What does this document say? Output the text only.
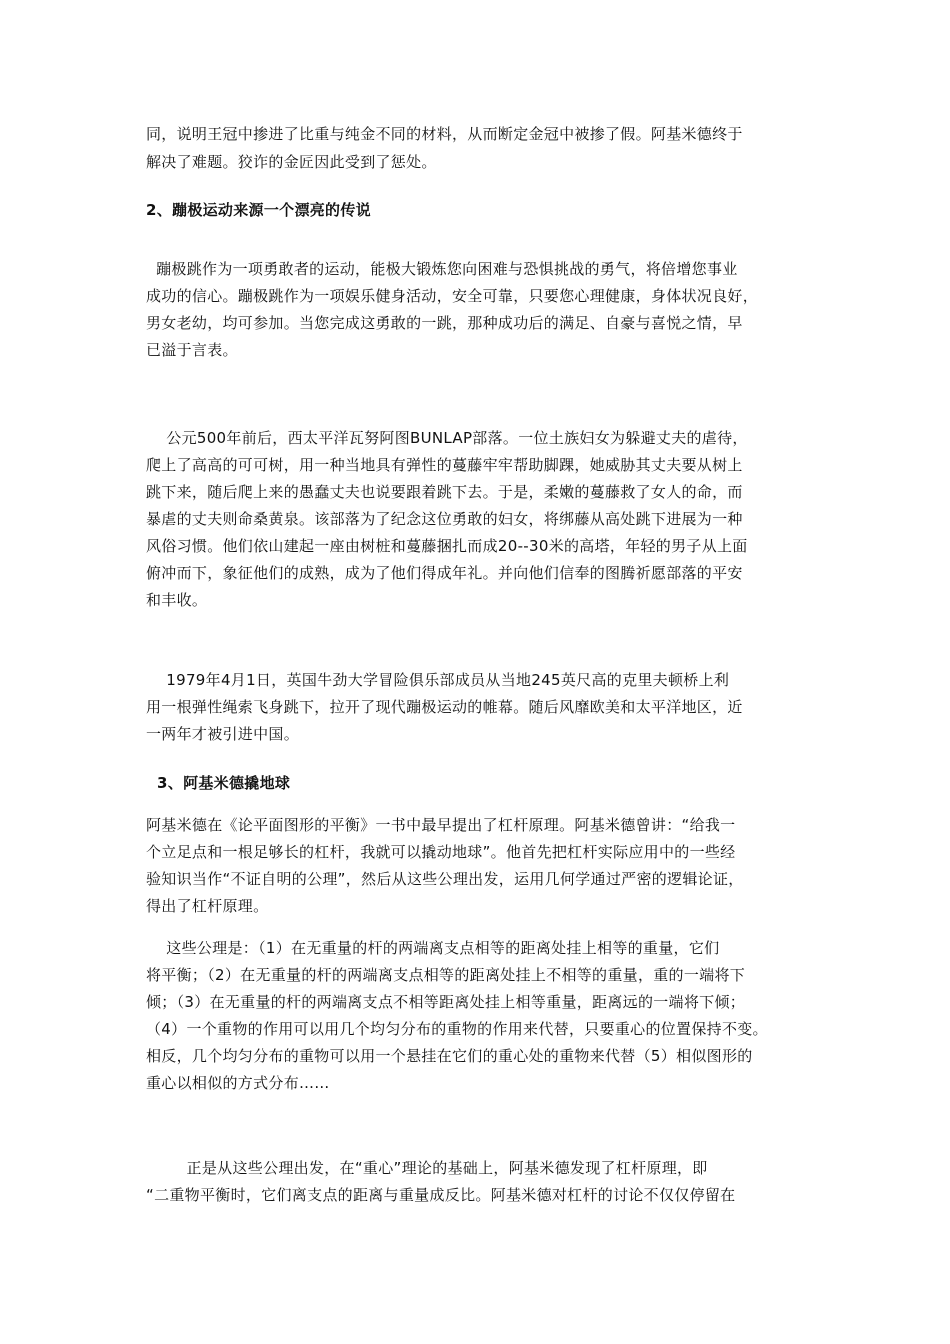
同，说明王冠中掺进了比重与纯金不同的材料，从而断定金冠中被掺了假。阿基米德终于
解决了难题。狡诈的金匠因此受到了惩处。
2、蹦极运动来源一个漂亮的传说
蹦极跳作为一项勇敢者的运动，能极大锻炼您向困难与恐惧挑战的勇气，将倍增您事业
成功的信心。蹦极跳作为一项娱乐健身活动，安全可靠，只要您心理健康，身体状况良好，
男女老幼，均可参加。当您完成这勇敢的一跳，那种成功后的满足、自豪与喜悦之情，早
已溢于言表。
公元500年前后，西太平洋瓦努阿图BUNLAP部落。一位土族妇女为躲避丈夫的虐待，
爬上了高高的可可树，用一种当地具有弹性的蔓藤牢牢帮助脚踝，她威胁其丈夫要从树上
跳下来，随后爬上来的愚蠢丈夫也说要跟着跳下去。于是，柔嫩的蔓藤救了女人的命，而
暴虐的丈夫则命桑黄泉。该部落为了纪念这位勇敢的妇女，将绑藤从高处跳下进展为一种
风俗习惯。他们依山建起一座由树桩和蔓藤捆扎而成20--30米的高塔，年轻的男子从上面
俯冲而下，象征他们的成熟，成为了他们得成年礼。并向他们信奉的图腾祈愿部落的平安
和丰收。
1979年4月1日，英国牛劲大学冒险俱乐部成员从当地245英尺高的克里夫顿桥上利
用一根弹性绳索飞身跳下，拉开了现代蹦极运动的帷幕。随后风靡欧美和太平洋地区，近
一两年才被引进中国。
3、阿基米德撬地球
阿基米德在《论平面图形的平衡》一书中最早提出了杠杆原理。阿基米德曾讲：“给我一
个立足点和一根足够长的杠杆，我就可以撬动地球”。他首先把杠杆实际应用中的一些经
验知识当作“不证自明的公理”，然后从这些公理出发，运用几何学通过严密的逻辑论证，
得出了杠杆原理。
这些公理是：（1）在无重量的杆的两端离支点相等的距离处挂上相等的重量，它们
将平衡；（2）在无重量的杆的两端离支点相等的距离处挂上不相等的重量，重的一端将下
倾；（3）在无重量的杆的两端离支点不相等距离处挂上相等重量，距离远的一端将下倾；
（4）一个重物的作用可以用几个均匀分布的重物的作用来代替，只要重心的位置保持不变。
相反，几个均匀分布的重物可以用一个悬挂在它们的重心处的重物来代替（5）相似图形的
重心以相似的方式分布……
正是从这些公理出发，在“重心”理论的基础上，阿基米德发现了杠杆原理，即
“二重物平衡时，它们离支点的距离与重量成反比。阿基米德对杠杆的讨论不仅仅停留在
